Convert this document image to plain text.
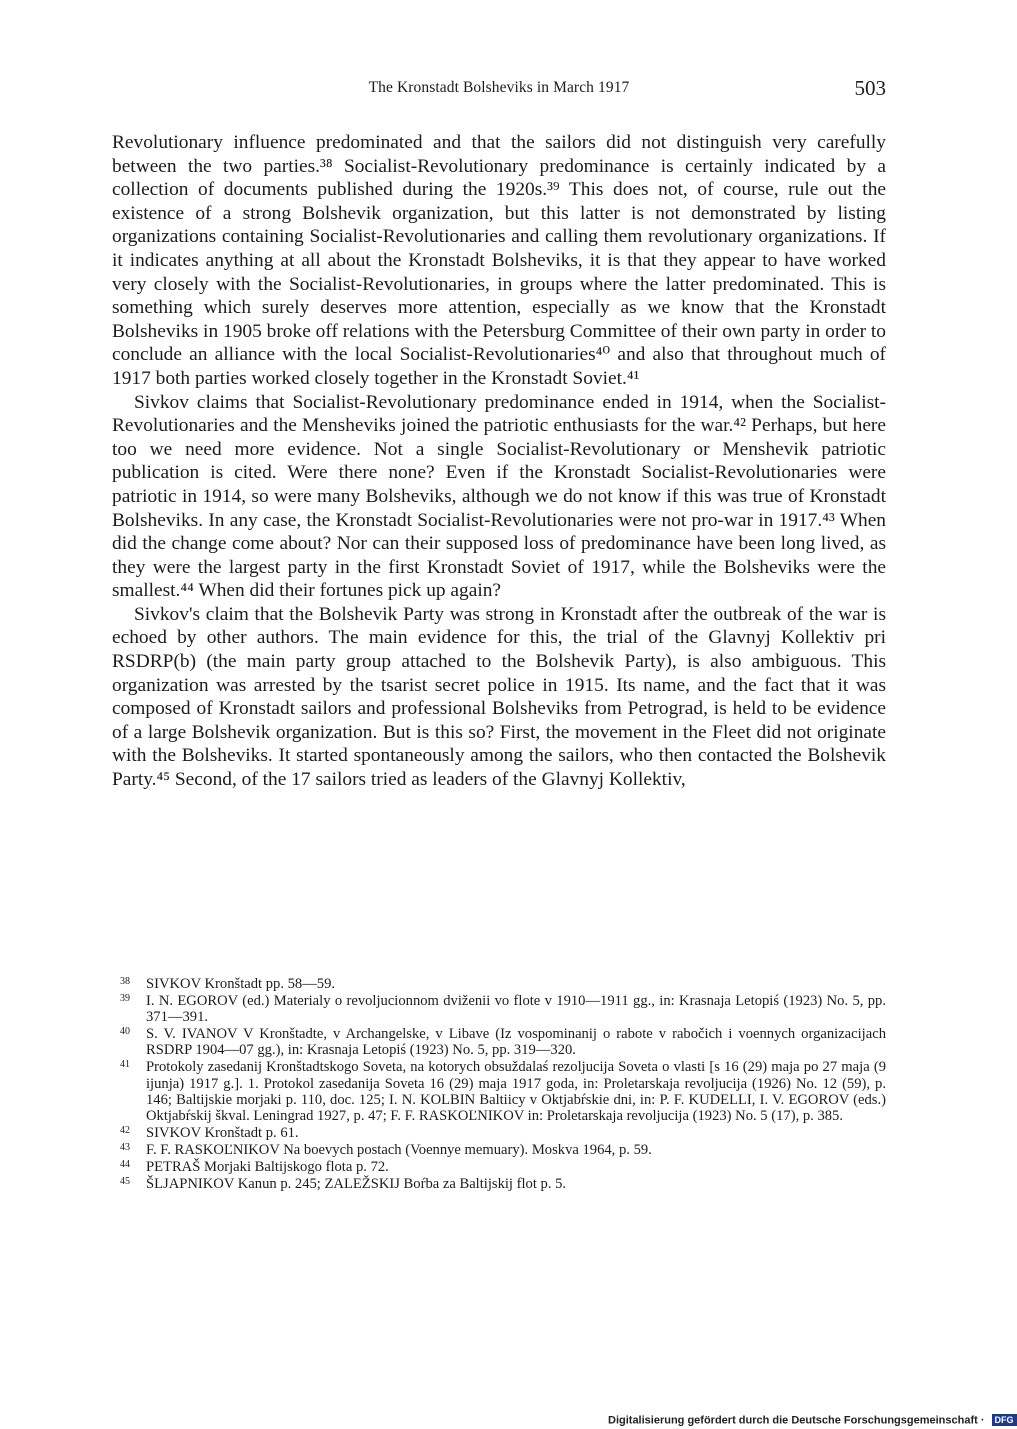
The Kronstadt Bolsheviks in March 1917	503

Revolutionary influence predominated and that the sailors did not distinguish very carefully between the two parties.³⁸ Socialist-Revolutionary predominance is certainly indicated by a collection of documents published during the 1920s.³⁹ This does not, of course, rule out the existence of a strong Bolshevik organization, but this latter is not demonstrated by listing organizations containing Socialist-Revolutionaries and calling them revolutionary organizations. If it indicates anything at all about the Kronstadt Bolsheviks, it is that they appear to have worked very closely with the Socialist-Revolutionaries, in groups where the latter predominated. This is something which surely deserves more attention, especially as we know that the Kronstadt Bolsheviks in 1905 broke off relations with the Petersburg Committee of their own party in order to conclude an alliance with the local Socialist-Revolutionaries⁴⁰ and also that throughout much of 1917 both parties worked closely together in the Kronstadt Soviet.⁴¹

Sivkov claims that Socialist-Revolutionary predominance ended in 1914, when the Socialist-Revolutionaries and the Mensheviks joined the patriotic enthusiasts for the war.⁴² Perhaps, but here too we need more evidence. Not a single Socialist-Revolutionary or Menshevik patriotic publication is cited. Were there none? Even if the Kronstadt Socialist-Revolutionaries were patriotic in 1914, so were many Bolsheviks, although we do not know if this was true of Kronstadt Bolsheviks. In any case, the Kronstadt Socialist-Revolutionaries were not pro-war in 1917.⁴³ When did the change come about? Nor can their supposed loss of predominance have been long lived, as they were the largest party in the first Kronstadt Soviet of 1917, while the Bolsheviks were the smallest.⁴⁴ When did their fortunes pick up again?

Sivkov's claim that the Bolshevik Party was strong in Kronstadt after the outbreak of the war is echoed by other authors. The main evidence for this, the trial of the Glavnyj Kollektiv pri RSDRP(b) (the main party group attached to the Bolshevik Party), is also ambiguous. This organization was arrested by the tsarist secret police in 1915. Its name, and the fact that it was composed of Kronstadt sailors and professional Bolsheviks from Petrograd, is held to be evidence of a large Bolshevik organization. But is this so? First, the movement in the Fleet did not originate with the Bolsheviks. It started spontaneously among the sailors, who then contacted the Bolshevik Party.⁴⁵ Second, of the 17 sailors tried as leaders of the Glavnyj Kollektiv,

38	SIVKOV Kronštadt pp. 58—59.
39	I. N. EGOROV (ed.) Materialy o revoljucionnom dviženii vo flote v 1910—1911 gg., in: Krasnaja Letopiś (1923) No. 5, pp. 371—391.
40	S. V. IVANOV V Kronštadte, v Archangelske, v Libave (Iz vospominanij o rabote v rabočich i voennych organizacijach RSDRP 1904—07 gg.), in: Krasnaja Letopiś (1923) No. 5, pp. 319—320.
41	Protokoly zasedanij Kronštadtskogo Soveta, na kotorych obsuždalaś rezoljucija Soveta o vlasti [s 16 (29) maja po 27 maja (9 ijunja) 1917 g.]. 1. Protokol zasedanija Soveta 16 (29) maja 1917 goda, in: Proletarskaja revoljucija (1926) No. 12 (59), p. 146; Baltijskie morjaki p. 110, doc. 125; I. N. KOLBIN Baltiicy v Oktjabŕskie dni, in: P. F. KUDELLI, I. V. EGOROV (eds.) Oktjabŕskij škval. Leningrad 1927, p. 47; F. F. RASKOĽNIKOV in: Proletarskaja revoljucija (1923) No. 5 (17), p. 385.
42	SIVKOV Kronštadt p. 61.
43	F. F. RASKOĽNIKOV Na boevych postach (Voennye memuary). Moskva 1964, p. 59.
44	PETRAŠ Morjaki Baltijskogo flota p. 72.
45	ŠLJAPNIKOV Kanun p. 245; ZALEŽSKIJ Boŕba za Baltijskij flot p. 5.
Digitalisierung gefördert durch die Deutsche Forschungsgemeinschaft · DFG
